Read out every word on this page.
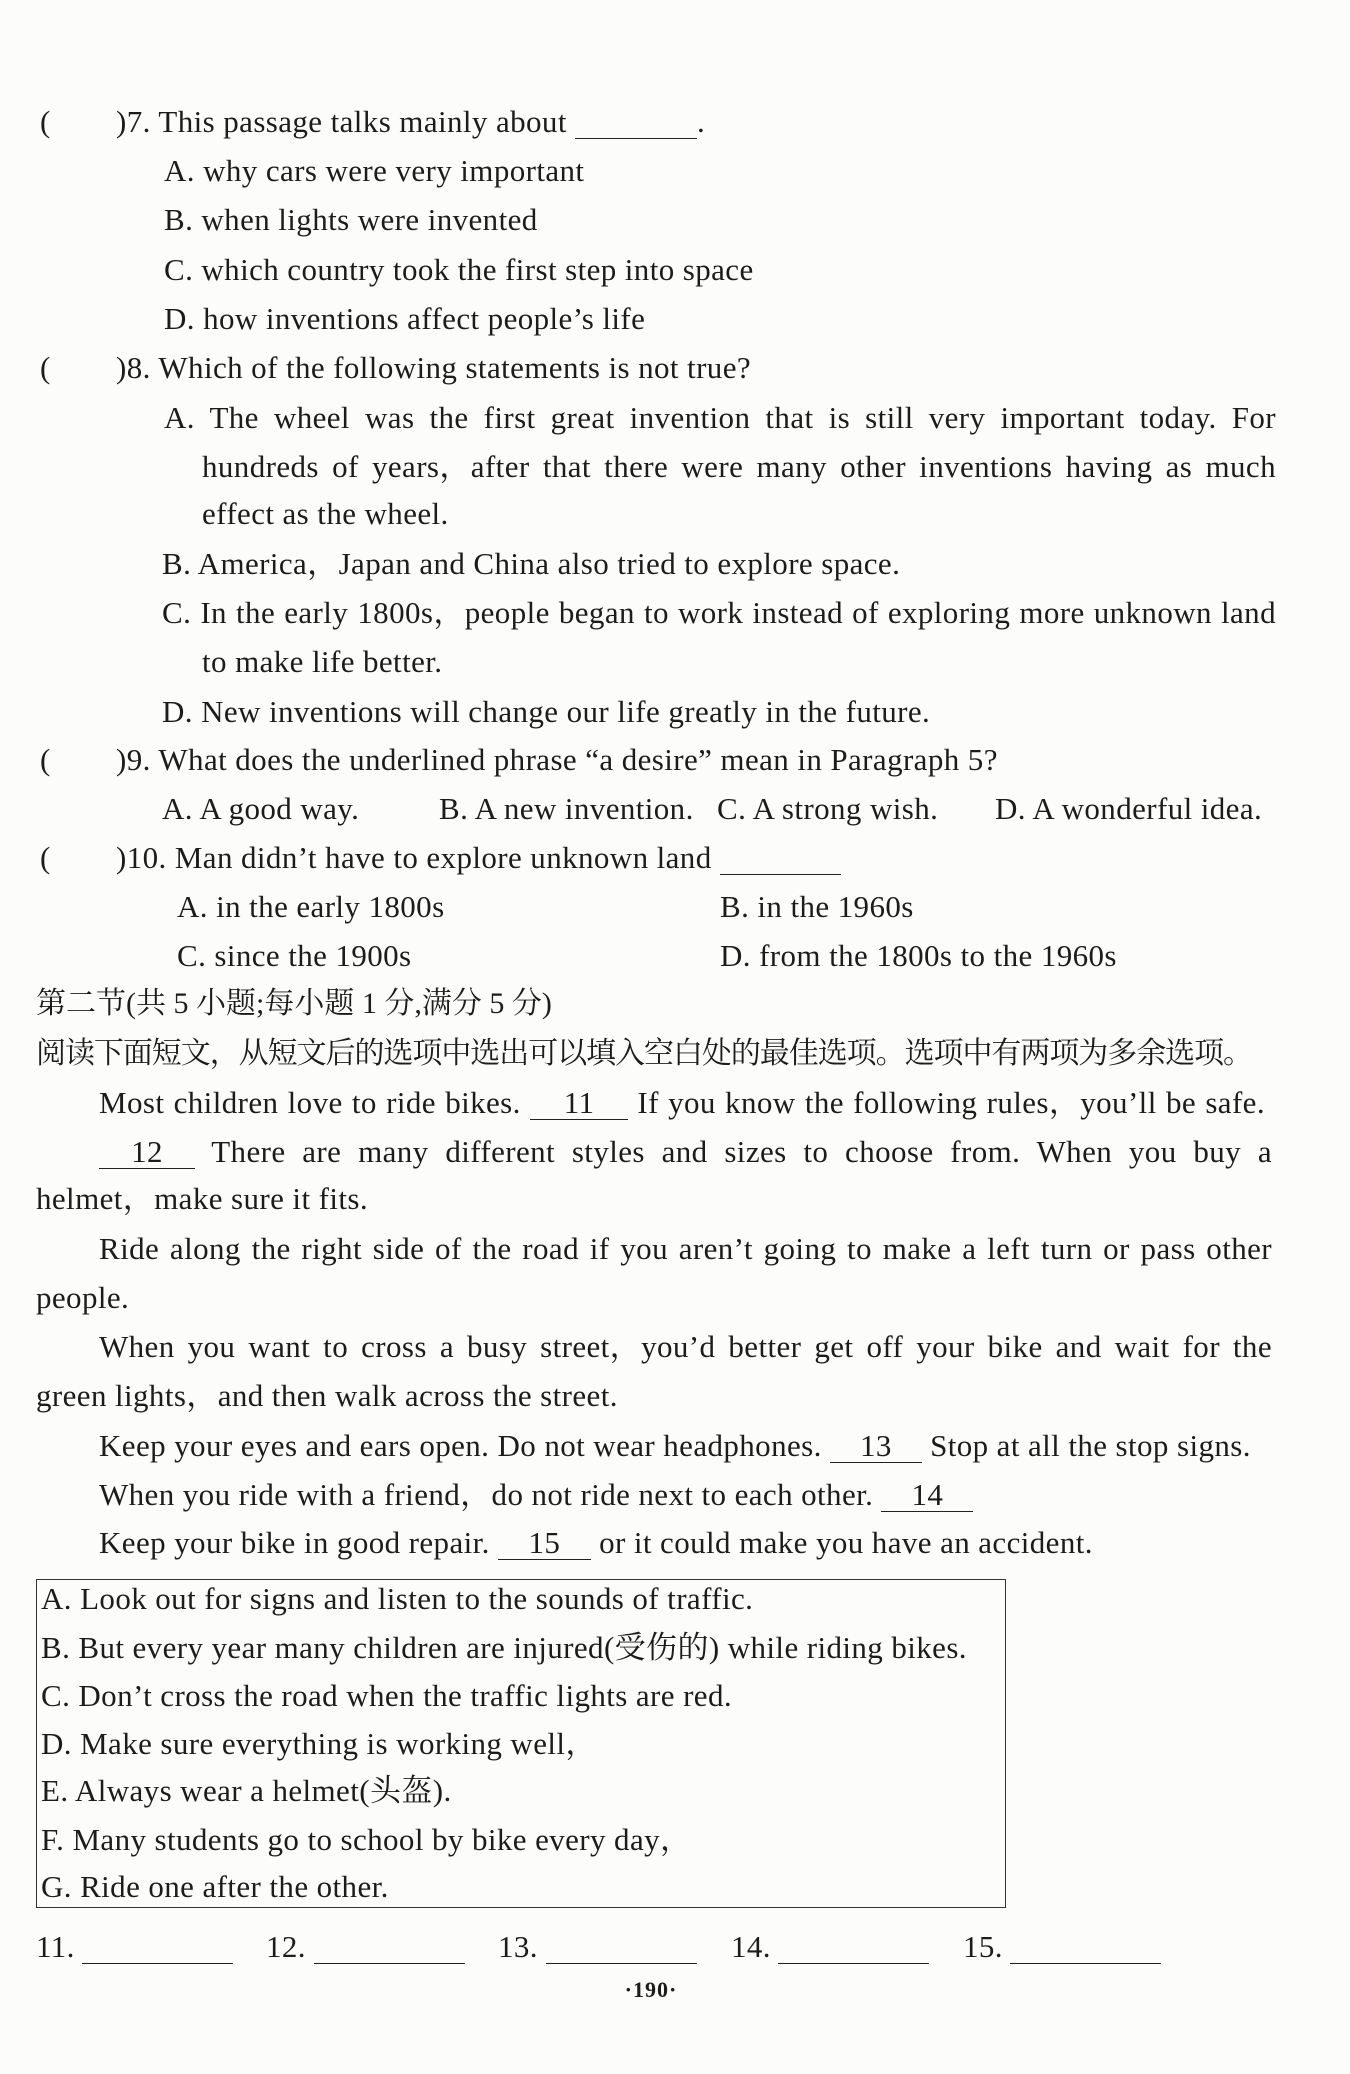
( )7. This passage talks mainly about ​	.
A. why cars were very important
B. when lights were invented
C. which country took the first step into space
D. how inventions affect people’s life
( )8. Which of the following statements is not true?
A. The wheel was the first great invention that is still very important today. For
hundreds of years，after that there were many other inventions having as much
effect as the wheel.
B. America，Japan and China also tried to explore space.
C. In the early 1800s，people began to work instead of exploring more unknown land
to make life better.
D. New inventions will change our life greatly in the future.
( )9. What does the underlined phrase “a desire” mean in Paragraph 5?
A. A good way.	B. A new invention. C. A strong wish. D. A wonderful idea.
( )10. Man didn’t have to explore unknown land ​
A. in the early 1800s	B. in the 1960s
C. since the 1900s	D. from the 1800s to the 1960s
第二节(共 5 小题;每小题 1 分,满分 5 分)
阅读下面短文，从短文后的选项中选出可以填入空白处的最佳选项。选项中有两项为多余选项。
Most children love to ride bikes. 11 If you know the following rules，you’ll be safe.
12 There are many different styles and sizes to choose from. When you buy a
helmet，make sure it fits.
Ride along the right side of the road if you aren’t going to make a left turn or pass other
people.
When you want to cross a busy street，you’d better get off your bike and wait for the
green lights，and then walk across the street.
Keep your eyes and ears open. Do not wear headphones. 13 Stop at all the stop signs.
When you ride with a friend，do not ride next to each other. 14
Keep your bike in good repair. 15 or it could make you have an accident.
A. Look out for signs and listen to the sounds of traffic.
B. But every year many children are injured(受伤的) while riding bikes.
C. Don’t cross the road when the traffic lights are red.
D. Make sure everything is working well，
E. Always wear a helmet(头盔).
F. Many students go to school by bike every day，
G. Ride one after the other.
11. ​	12. ​	13. ​	14. ​	15.
​
·190·
